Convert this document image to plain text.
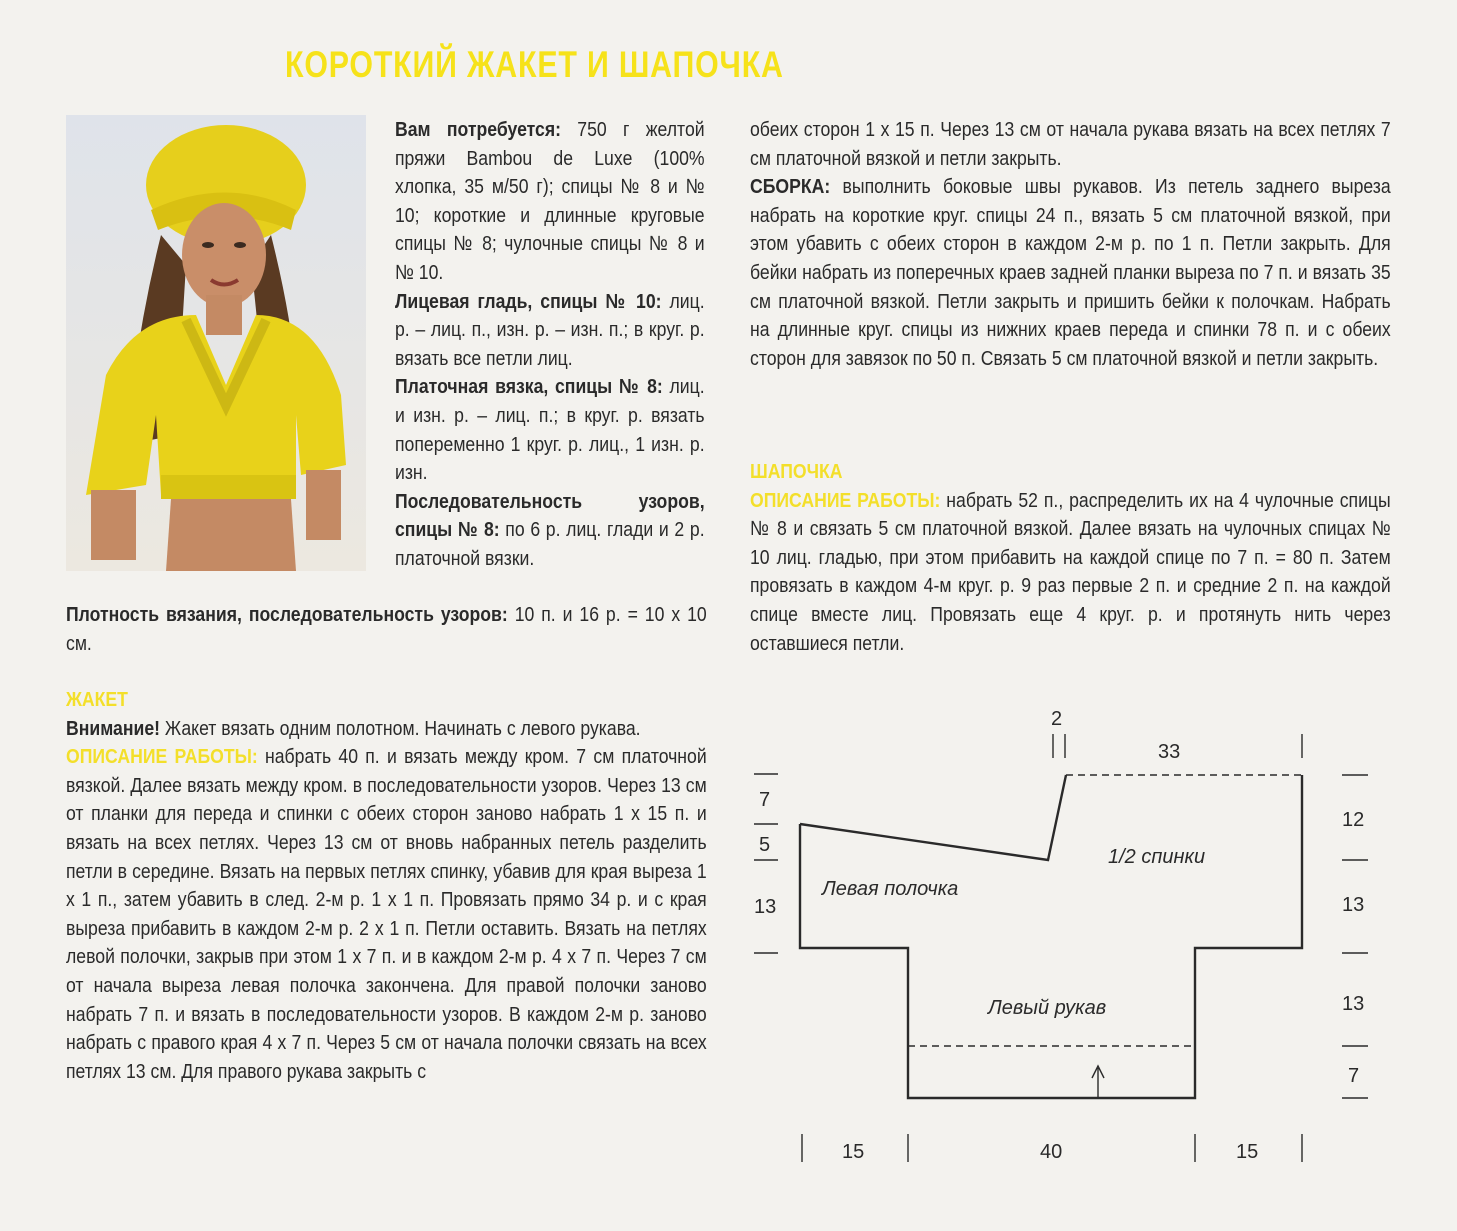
КОРОТКИЙ ЖАКЕТ И ШАПОЧКА

Вам потребуется: 750 г желтой пряжи Bambou de Luxe (100% хлопка, 35 м/50 г); спицы № 8 и № 10; короткие и длинные круговые спицы № 8; чулочные спицы № 8 и № 10.

Лицевая гладь, спицы № 10: лиц. р. – лиц. п., изн. р. – изн. п.; в круг. р. вязать все петли лиц.

Платочная вязка, спицы № 8: лиц. и изн. р. – лиц. п.; в круг. р. вязать попеременно 1 круг. р. лиц., 1 изн. р. изн.

Последовательность узоров, спицы № 8: по 6 р. лиц. глади и 2 р. платочной вязки.

Плотность вязания, последовательность узоров: 10 п. и 16 р. = 10 х 10 см.

ЖАКЕТ

Внимание! Жакет вязать одним полотном. Начинать с левого рукава.

ОПИСАНИЕ РАБОТЫ: набрать 40 п. и вязать между кром. 7 см платочной вязкой. Далее вязать между кром. в последовательности узоров. Через 13 см от планки для переда и спинки с обеих сторон заново набрать 1 х 15 п. и вязать на всех петлях. Через 13 см от вновь набранных петель разделить петли в середине. Вязать на первых петлях спинку, убавив для края выреза 1 х 1 п., затем убавить в след. 2-м р. 1 х 1 п. Провязать прямо 34 р. и с края выреза прибавить в каждом 2-м р. 2 х 1 п. Петли оставить. Вязать на петлях левой полочки, закрыв при этом 1 х 7 п. и в каждом 2-м р. 4 х 7 п. Через 7 см от начала выреза левая полочка закончена. Для правой полочки заново набрать 7 п. и вязать в последовательности узоров. В каждом 2-м р. заново набрать с правого края 4 х 7 п. Через 5 см от начала полочки связать на всех петлях 13 см. Для правого рукава закрыть с

обеих сторон 1 х 15 п. Через 13 см от начала рукава вязать на всех петлях 7 см платочной вязкой и петли закрыть.

СБОРКА: выполнить боковые швы рукавов. Из петель заднего выреза набрать на короткие круг. спицы 24 п., вязать 5 см платочной вязкой, при этом убавить с обеих сторон в каждом 2-м р. по 1 п. Петли закрыть. Для бейки набрать из поперечных краев задней планки выреза по 7 п. и вязать 35 см платочной вязкой. Петли закрыть и пришить бейки к полочкам. Набрать на длинные круг. спицы из нижних краев переда и спинки 78 п. и с обеих сторон для завязок по 50 п. Связать 5 см платочной вязкой и петли закрыть.

ШАПОЧКА

ОПИСАНИЕ РАБОТЫ: набрать 52 п., распределить их на 4 чулочные спицы № 8 и связать 5 см платочной вязкой. Далее вязать на чулочных спицах № 10 лиц. гладью, при этом прибавить на каждой спице по 7 п. = 80 п. Затем провязать в каждом 4-м круг. р. 9 раз первые 2 п. и средние 2 п. на каждой спице вместе лиц. Провязать еще 4 круг. р. и протянуть нить через оставшиеся петли.

1/2 спинки
Левая полочка
Левый рукав
2
33
7
5
13
12
13
13
7
15	40	15
